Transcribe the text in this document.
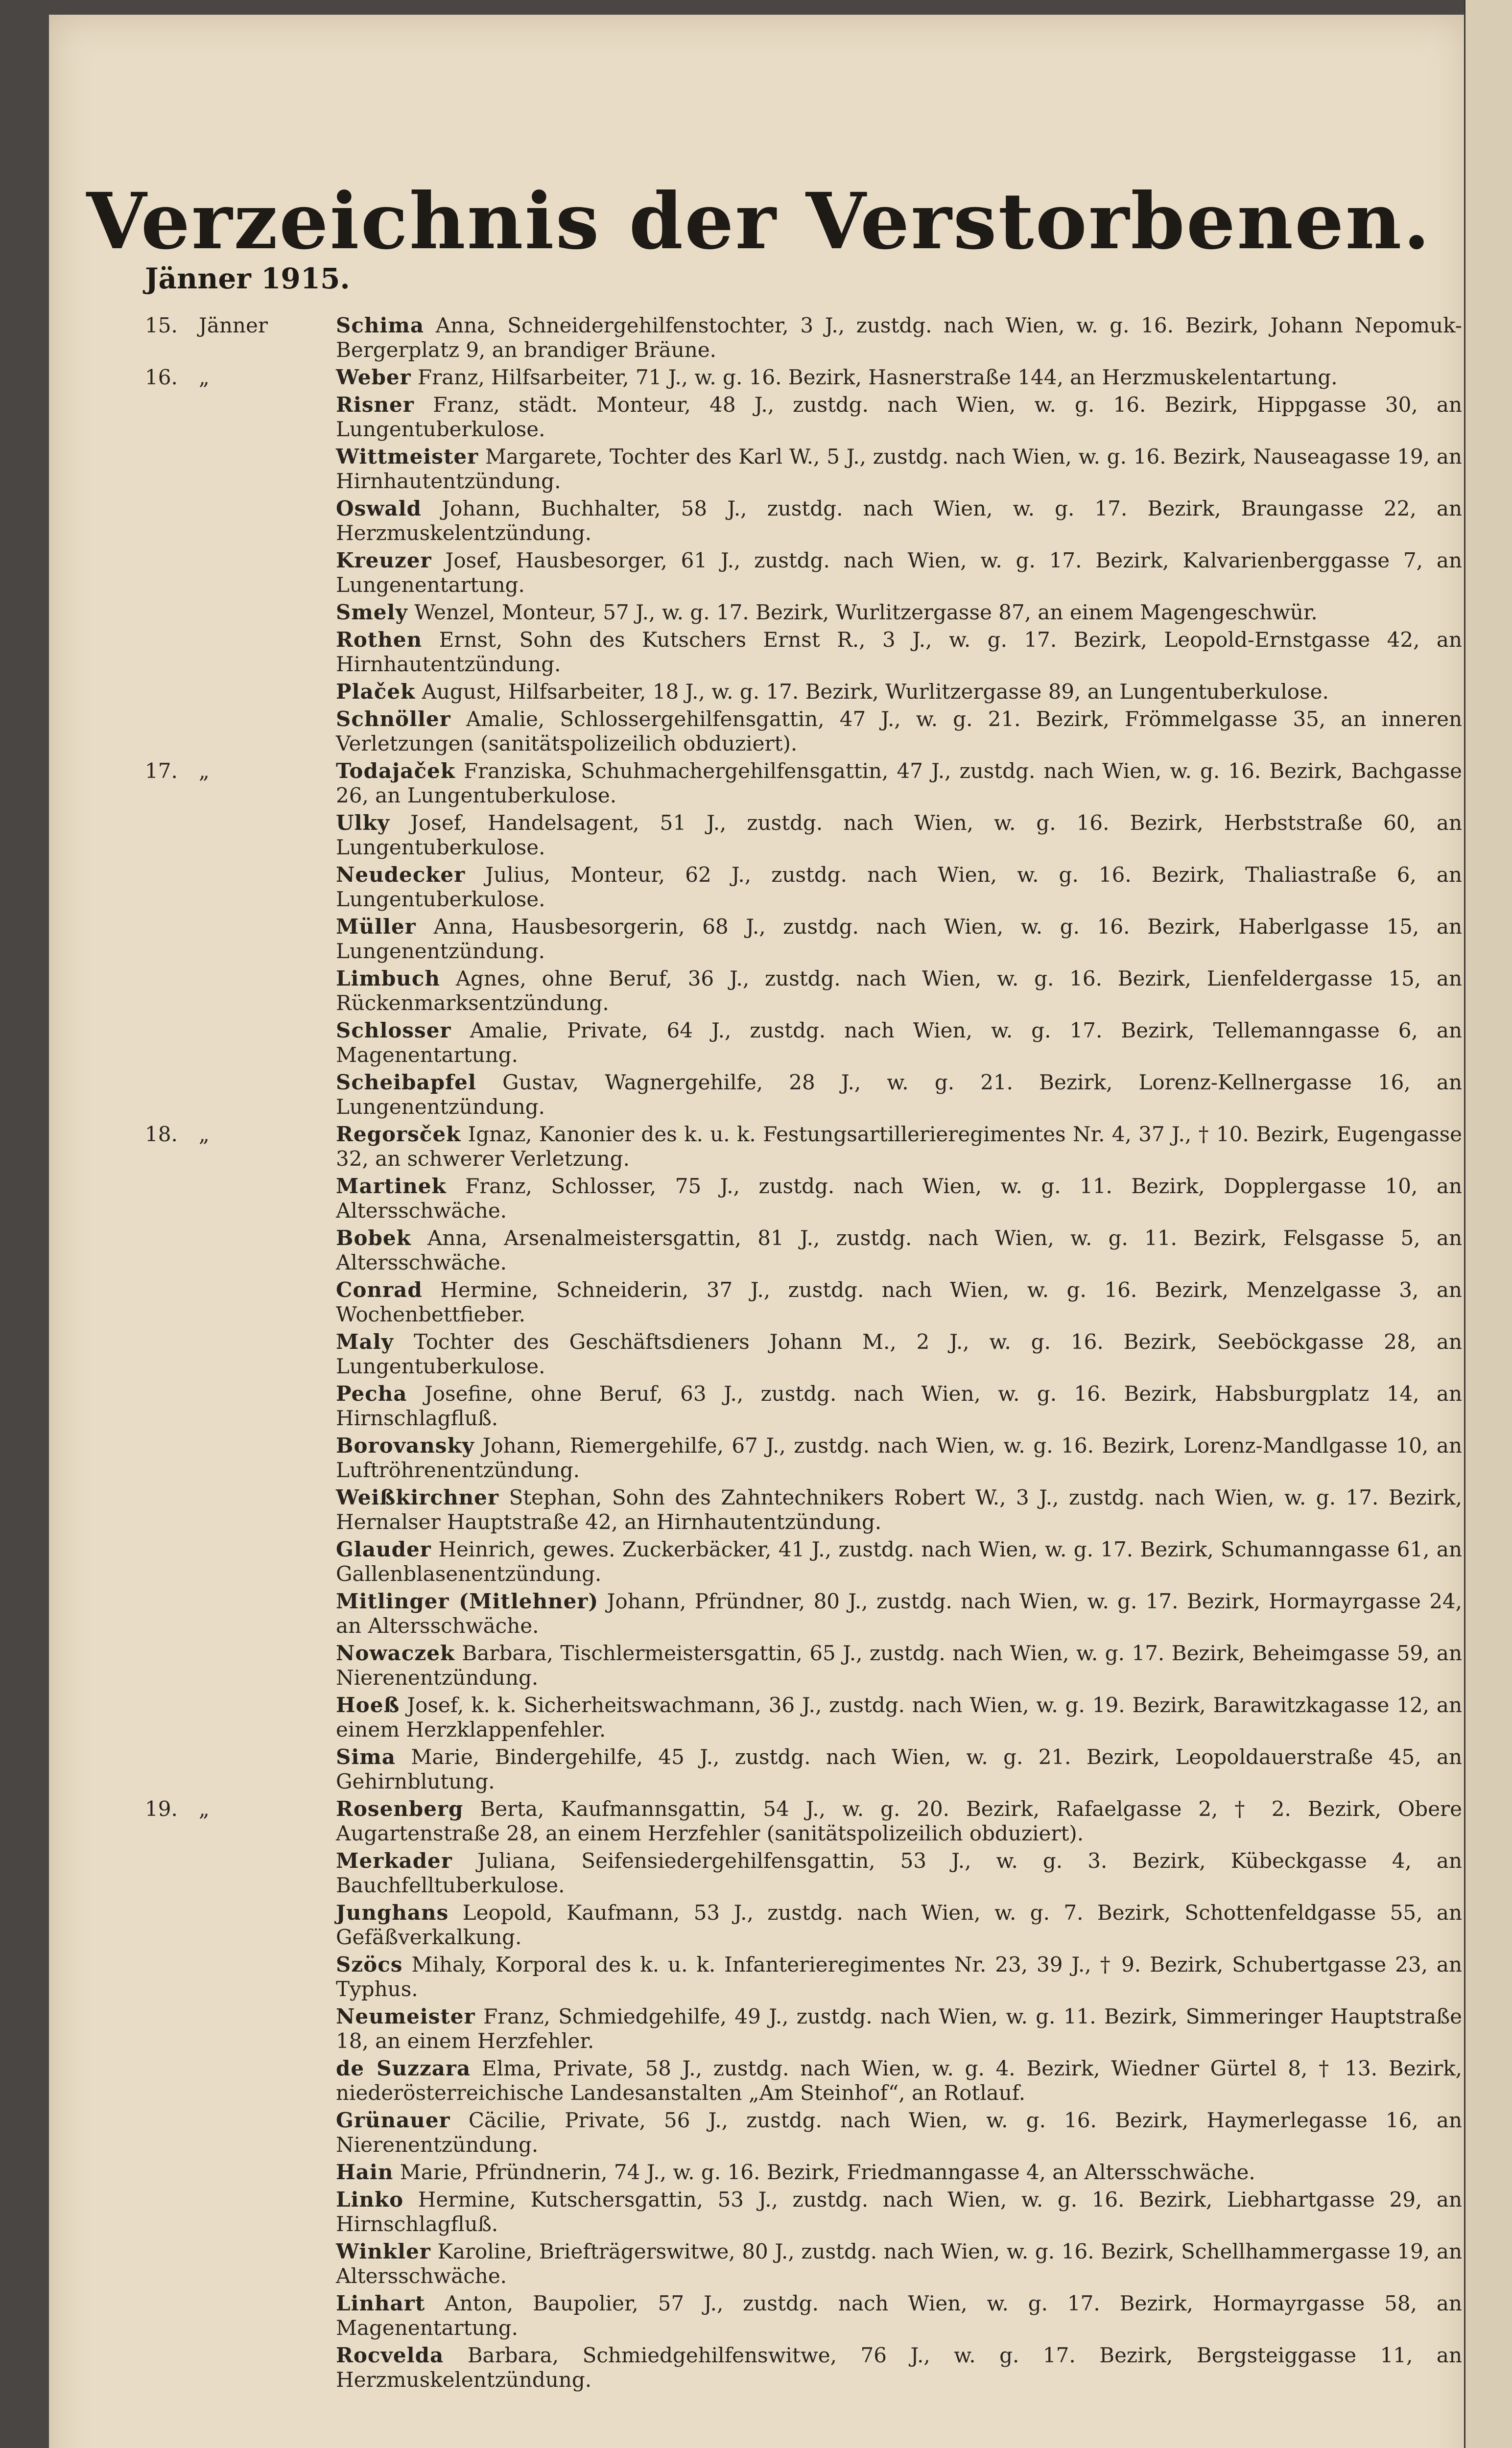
Verzeichnis der Verstorbenen.
Jänner 1915.
15. Jänner	Schima Anna, Schneidergehilfenstochter, 3 J., zustdg. nach Wien, w. g. 16. Bezirk, Johann Nepomuk-Bergerplatz 9, an brandiger Bräune.
16. „	Weber Franz, Hilfsarbeiter, 71 J., w. g. 16. Bezirk, Hasnerstraße 144, an Herzmuskelentartung.
Risner Franz, städt. Monteur, 48 J., zustdg. nach Wien, w. g. 16. Bezirk, Hippgasse 30, an Lungentuberkulose.
Wittmeister Margarete, Tochter des Karl W., 5 J., zustdg. nach Wien, w. g. 16. Bezirk, Nauseagasse 19, an Hirnhautentzündung.
Oswald Johann, Buchhalter, 58 J., zustdg. nach Wien, w. g. 17. Bezirk, Braungasse 22, an Herzmuskelentzündung.
Kreuzer Josef, Hausbesorger, 61 J., zustdg. nach Wien, w. g. 17. Bezirk, Kalvarienberggasse 7, an Lungenentartung.
Smely Wenzel, Monteur, 57 J., w. g. 17. Bezirk, Wurlitzergasse 87, an einem Magengeschwür.
Rothen Ernst, Sohn des Kutschers Ernst R., 3 J., w. g. 17. Bezirk, Leopold-Ernstgasse 42, an Hirnhautentzündung.
Plaček August, Hilfsarbeiter, 18 J., w. g. 17. Bezirk, Wurlitzergasse 89, an Lungentuberkulose.
Schnöller Amalie, Schlossergehilfensgattin, 47 J., w. g. 21. Bezirk, Frömmelgasse 35, an inneren Verletzungen (sanitätspolizeilich obduziert).
17. „	Todajaček Franziska, Schuhmachergehilfensgattin, 47 J., zustdg. nach Wien, w. g. 16. Bezirk, Bachgasse 26, an Lungentuberkulose.
Ulky Josef, Handelsagent, 51 J., zustdg. nach Wien, w. g. 16. Bezirk, Herbststraße 60, an Lungentuberkulose.
Neudecker Julius, Monteur, 62 J., zustdg. nach Wien, w. g. 16. Bezirk, Thaliastraße 6, an Lungentuberkulose.
Müller Anna, Hausbesorgerin, 68 J., zustdg. nach Wien, w. g. 16. Bezirk, Haberlgasse 15, an Lungenentzündung.
Limbuch Agnes, ohne Beruf, 36 J., zustdg. nach Wien, w. g. 16. Bezirk, Lienfeldergasse 15, an Rückenmarksentzündung.
Schlosser Amalie, Private, 64 J., zustdg. nach Wien, w. g. 17. Bezirk, Tellemanngasse 6, an Magenentartung.
Scheibapfel Gustav, Wagnergehilfe, 28 J., w. g. 21. Bezirk, Lorenz-Kellnergasse 16, an Lungenentzündung.
18. „	Regorsček Ignaz, Kanonier des k. u. k. Festungsartillerieregimentes Nr. 4, 37 J., † 10. Bezirk, Eugengasse 32, an schwerer Verletzung.
Martinek Franz, Schlosser, 75 J., zustdg. nach Wien, w. g. 11. Bezirk, Dopplergasse 10, an Altersschwäche.
Bobek Anna, Arsenalmeistersgattin, 81 J., zustdg. nach Wien, w. g. 11. Bezirk, Felsgasse 5, an Altersschwäche.
Conrad Hermine, Schneiderin, 37 J., zustdg. nach Wien, w. g. 16. Bezirk, Menzelgasse 3, an Wochenbettfieber.
Maly Tochter des Geschäftsdieners Johann M., 2 J., w. g. 16. Bezirk, Seeböckgasse 28, an Lungentuberkulose.
Pecha Josefine, ohne Beruf, 63 J., zustdg. nach Wien, w. g. 16. Bezirk, Habsburgplatz 14, an Hirnschlagfluß.
Borovansky Johann, Riemergehilfe, 67 J., zustdg. nach Wien, w. g. 16. Bezirk, Lorenz-Mandlgasse 10, an Luftröhrenentzündung.
Weißkirchner Stephan, Sohn des Zahntechnikers Robert W., 3 J., zustdg. nach Wien, w. g. 17. Bezirk, Hernalser Hauptstraße 42, an Hirnhautentzündung.
Glauder Heinrich, gewes. Zuckerbäcker, 41 J., zustdg. nach Wien, w. g. 17. Bezirk, Schumanngasse 61, an Gallenblasenentzündung.
Mitlinger (Mitlehner) Johann, Pfründner, 80 J., zustdg. nach Wien, w. g. 17. Bezirk, Hormayrgasse 24, an Altersschwäche.
Nowaczek Barbara, Tischlermeistersgattin, 65 J., zustdg. nach Wien, w. g. 17. Bezirk, Beheimgasse 59, an Nierenentzündung.
Hoeß Josef, k. k. Sicherheitswachmann, 36 J., zustdg. nach Wien, w. g. 19. Bezirk, Barawitzkagasse 12, an einem Herzklappenfehler.
Sima Marie, Bindergehilfe, 45 J., zustdg. nach Wien, w. g. 21. Bezirk, Leopoldauerstraße 45, an Gehirnblutung.
19. „	Rosenberg Berta, Kaufmannsgattin, 54 J., w. g. 20. Bezirk, Rafaelgasse 2, † 2. Bezirk, Obere Augartenstraße 28, an einem Herzfehler (sanitätspolizeilich obduziert).
Merkader Juliana, Seifensiedergehilfensgattin, 53 J., w. g. 3. Bezirk, Kübeckgasse 4, an Bauchfelltuberkulose.
Junghans Leopold, Kaufmann, 53 J., zustdg. nach Wien, w. g. 7. Bezirk, Schottenfeldgasse 55, an Gefäßverkalkung.
Szöcs Mihaly, Korporal des k. u. k. Infanterieregimentes Nr. 23, 39 J., † 9. Bezirk, Schubertgasse 23, an Typhus.
Neumeister Franz, Schmiedgehilfe, 49 J., zustdg. nach Wien, w. g. 11. Bezirk, Simmeringer Hauptstraße 18, an einem Herzfehler.
de Suzzara Elma, Private, 58 J., zustdg. nach Wien, w. g. 4. Bezirk, Wiedner Gürtel 8, † 13. Bezirk, niederösterreichische Landesanstalten „Am Steinhof“, an Rotlauf.
Grünauer Cäcilie, Private, 56 J., zustdg. nach Wien, w. g. 16. Bezirk, Haymerlegasse 16, an Nierenentzündung.
Hain Marie, Pfründnerin, 74 J., w. g. 16. Bezirk, Friedmanngasse 4, an Altersschwäche.
Linko Hermine, Kutschersgattin, 53 J., zustdg. nach Wien, w. g. 16. Bezirk, Liebhartgasse 29, an Hirnschlagfluß.
Winkler Karoline, Briefträgerswitwe, 80 J., zustdg. nach Wien, w. g. 16. Bezirk, Schellhammergasse 19, an Altersschwäche.
Linhart Anton, Baupolier, 57 J., zustdg. nach Wien, w. g. 17. Bezirk, Hormayrgasse 58, an Magenentartung.
Rocvelda Barbara, Schmiedgehilfenswitwe, 76 J., w. g. 17. Bezirk, Bergsteiggasse 11, an Herzmuskelentzündung.
